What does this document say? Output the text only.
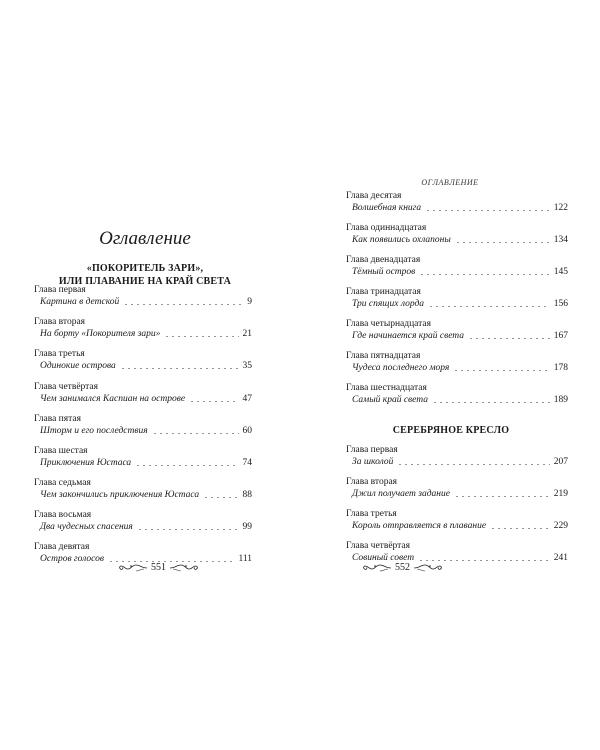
Оглавление
«ПОКОРИТЕЛЬ ЗАРИ»,
ИЛИ ПЛАВАНИЕ НА КРАЙ СВЕТА
Глава первая
Картина в детской	9
Глава вторая
На борту «Покорителя зари»	21
Глава третья
Одинокие острова	35
Глава четвёртая
Чем занимался Каспиан на острове	47
Глава пятая
Шторм и его последствия	60
Глава шестая
Приключения Юстаса	74
Глава седьмая
Чем закончились приключения Юстаса	88
Глава восьмая
Два чудесных спасения	99
Глава девятая
Остров голосов	111
551
ОГЛАВЛЕНИЕ
Глава десятая
Волшебная книга	122
Глава одиннадцатая
Как появились охлапоны	134
Глава двенадцатая
Тёмный остров	145
Глава тринадцатая
Три спящих лорда	156
Глава четырнадцатая
Где начинается край света	167
Глава пятнадцатая
Чудеса последнего моря	178
Глава шестнадцатая
Самый край света	189
СЕРЕБРЯНОЕ КРЕСЛО
Глава первая
За школой	207
Глава вторая
Джил получает задание	219
Глава третья
Король отправляется в плавание	229
Глава четвёртая
Совиный совет	241
552
